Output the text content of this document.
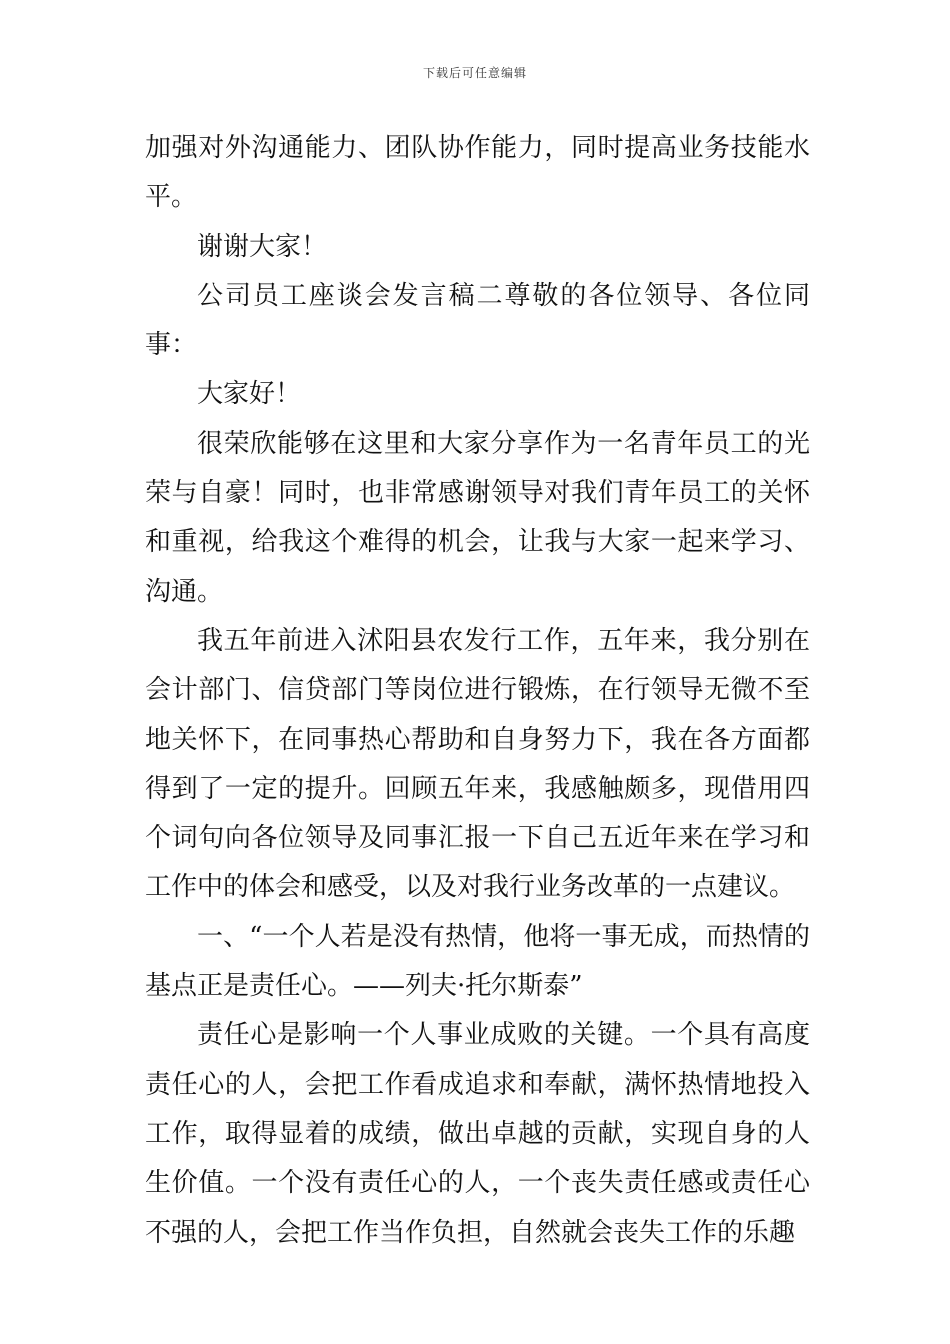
下载后可任意编辑

加强对外沟通能力、团队协作能力，同时提高业务技能水平。

谢谢大家！

公司员工座谈会发言稿二尊敬的各位领导、各位同事：

大家好！

很荣欣能够在这里和大家分享作为一名青年员工的光荣与自豪！同时，也非常感谢领导对我们青年员工的关怀和重视，给我这个难得的机会，让我与大家一起来学习、沟通。

我五年前进入沭阳县农发行工作，五年来，我分别在会计部门、信贷部门等岗位进行锻炼，在行领导无微不至地关怀下，在同事热心帮助和自身努力下，我在各方面都得到了一定的提升。回顾五年来，我感触颇多，现借用四个词句向各位领导及同事汇报一下自己五近年来在学习和工作中的体会和感受，以及对我行业务改革的一点建议。

一、“一个人若是没有热情，他将一事无成，而热情的基点正是责任心。——列夫·托尔斯泰”

责任心是影响一个人事业成败的关键。一个具有高度责任心的人，会把工作看成追求和奉献，满怀热情地投入工作，取得显着的成绩，做出卓越的贡献，实现自身的人生价值。一个没有责任心的人，一个丧失责任感或责任心不强的人，会把工作当作负担，自然就会丧失工作的乐趣
